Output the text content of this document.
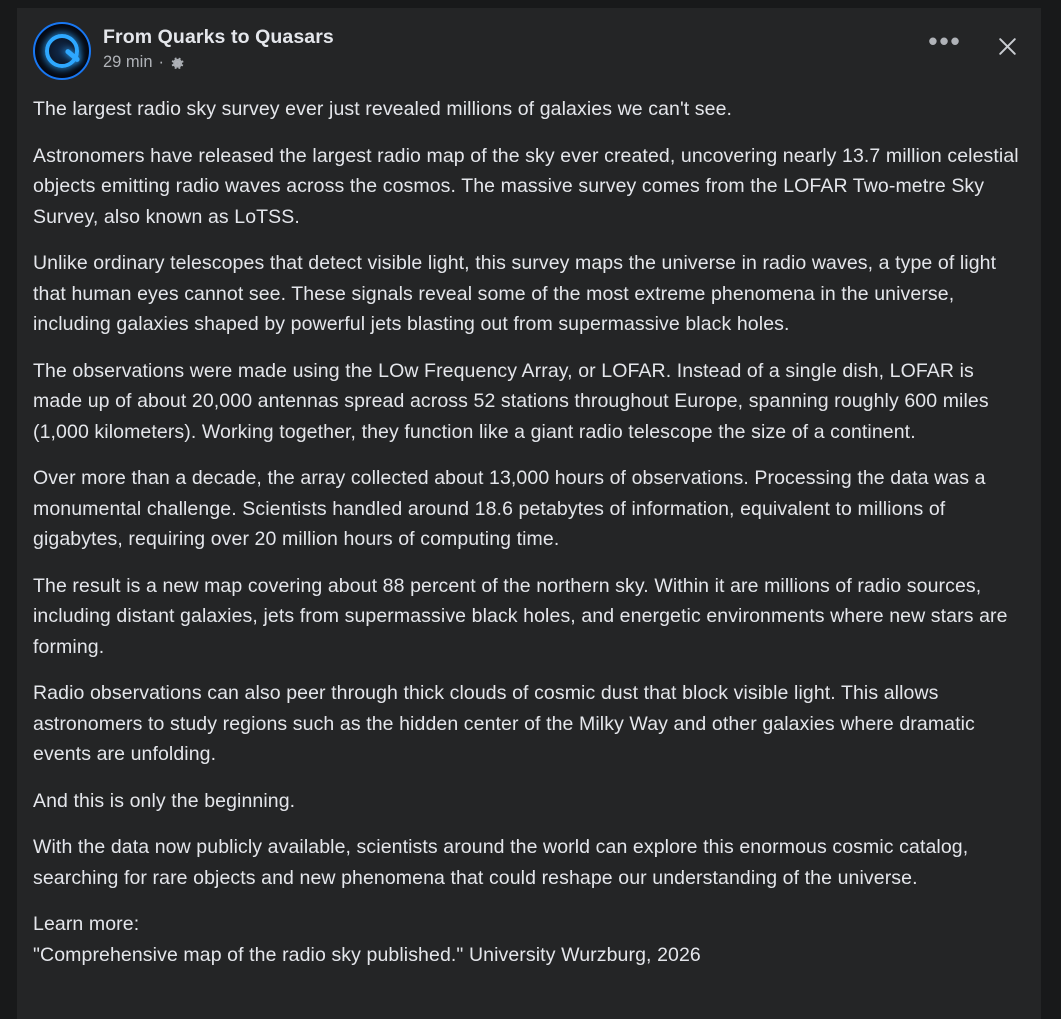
From Quarks to Quasars
29 min ·
•••

The largest radio sky survey ever just revealed millions of galaxies we can't see.

Astronomers have released the largest radio map of the sky ever created, uncovering nearly 13.7 million celestial objects emitting radio waves across the cosmos. The massive survey comes from the LOFAR Two-metre Sky Survey, also known as LoTSS.

Unlike ordinary telescopes that detect visible light, this survey maps the universe in radio waves, a type of light that human eyes cannot see. These signals reveal some of the most extreme phenomena in the universe, including galaxies shaped by powerful jets blasting out from supermassive black holes.

The observations were made using the LOw Frequency Array, or LOFAR. Instead of a single dish, LOFAR is made up of about 20,000 antennas spread across 52 stations throughout Europe, spanning roughly 600 miles (1,000 kilometers). Working together, they function like a giant radio telescope the size of a continent.

Over more than a decade, the array collected about 13,000 hours of observations. Processing the data was a monumental challenge. Scientists handled around 18.6 petabytes of information, equivalent to millions of gigabytes, requiring over 20 million hours of computing time.

The result is a new map covering about 88 percent of the northern sky. Within it are millions of radio sources, including distant galaxies, jets from supermassive black holes, and energetic environments where new stars are forming.

Radio observations can also peer through thick clouds of cosmic dust that block visible light. This allows astronomers to study regions such as the hidden center of the Milky Way and other galaxies where dramatic events are unfolding.

And this is only the beginning.

With the data now publicly available, scientists around the world can explore this enormous cosmic catalog, searching for rare objects and new phenomena that could reshape our understanding of the universe.

Learn more:

"Comprehensive map of the radio sky published." University Wurzburg, 2026
